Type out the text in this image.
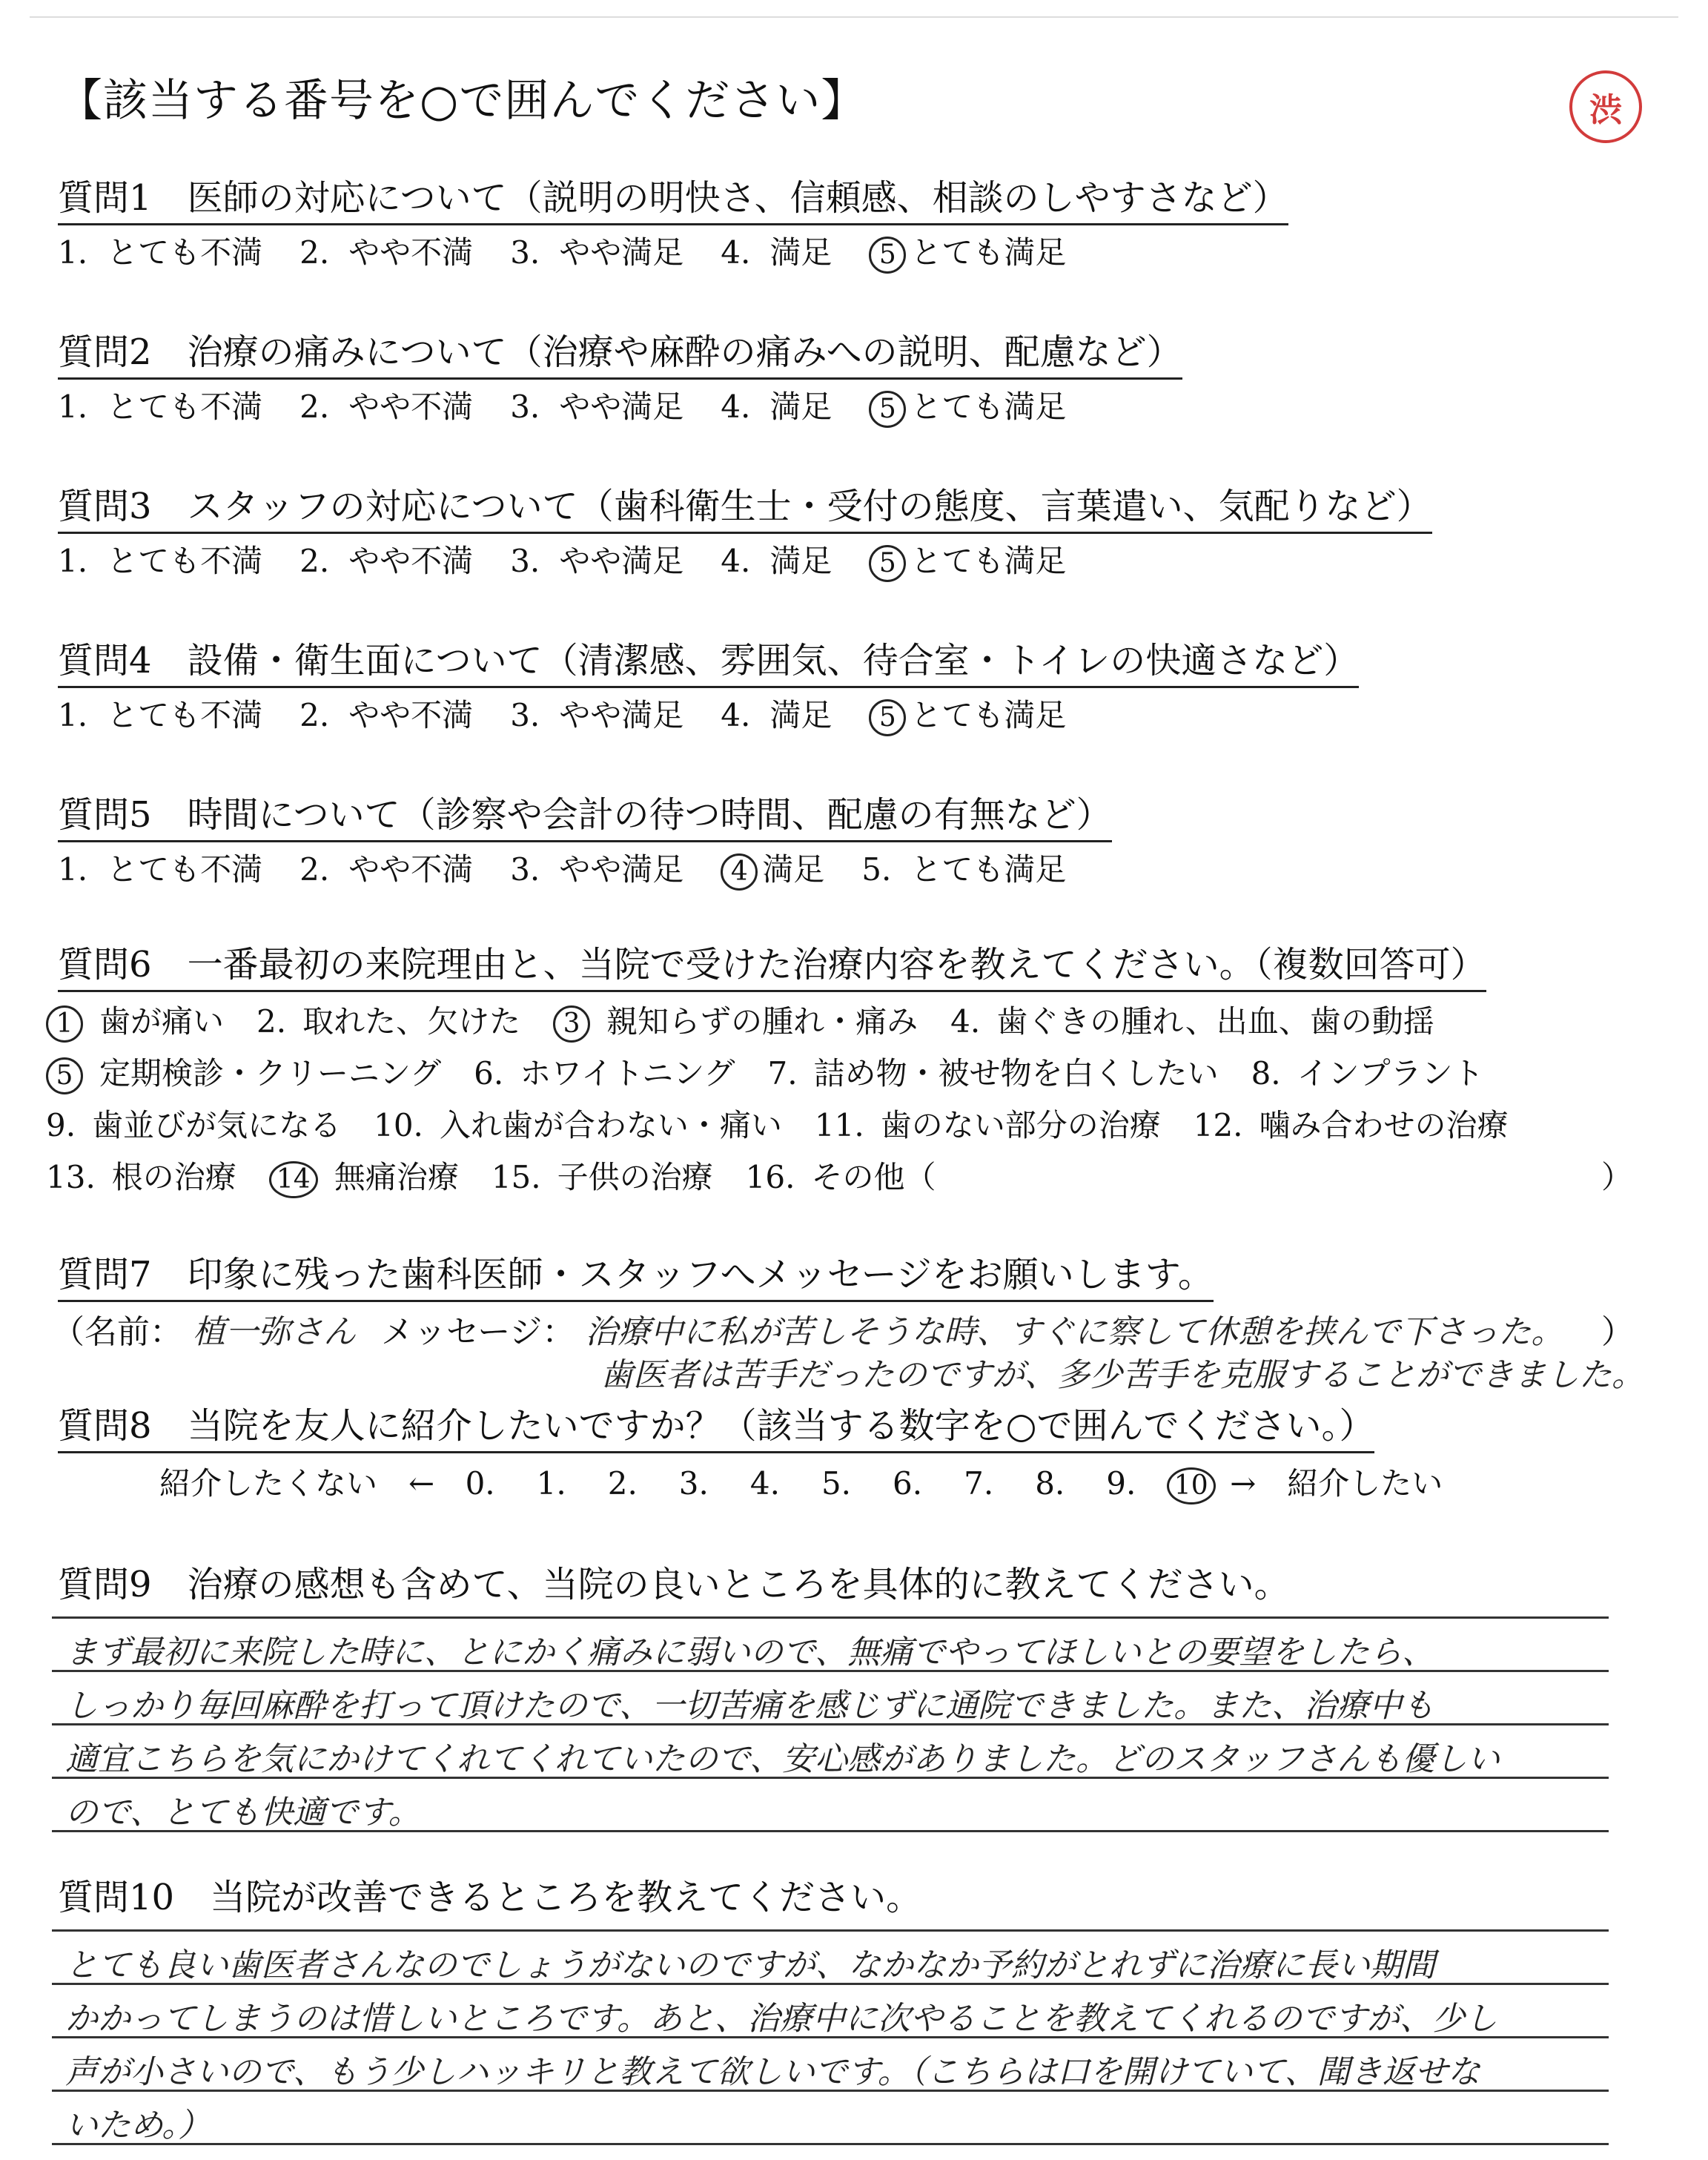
【該当する番号を○で囲んでください】	渋
質問1　 医師の対応について（説明の明快さ、信頼感、相談のしやすさなど）
1. とても不満 2. やや不満 3. やや満足 4. 満足 5 とても満足
質問2　 治療の痛みについて（治療や麻酔の痛みへの説明、配慮など）
1. とても不満 2. やや不満 3. やや満足 4. 満足 5 とても満足
質問3　 スタッフの対応について（歯科衛生士・受付の態度、言葉遣い、気配りなど）
1. とても不満 2. やや不満 3. やや満足 4. 満足 5 とても満足
質問4　 設備・衛生面について（清潔感、雰囲気、待合室・トイレの快適さなど）
1. とても不満 2. やや不満 3. やや満足 4. 満足 5 とても満足
質問5　 時間について（診察や会計の待つ時間、配慮の有無など）
1. とても不満 2. やや不満 3. やや満足 4 満足 5. とても満足
質問6　 一番最初の来院理由と、当院で受けた治療内容を教えてください。（複数回答可）
1 歯が痛い 2. 取れた、欠けた 3 親知らずの腫れ・痛み 4. 歯ぐきの腫れ、出血、歯の動揺
5 定期検診・クリーニング 6. ホワイトニング 7. 詰め物・被せ物を白くしたい 8. インプラント
9. 歯並びが気になる 10. 入れ歯が合わない・痛い 11. 歯のない部分の治療 12. 噛み合わせの治療
13. 根の治療 14 無痛治療 15. 子供の治療 16. その他（	）
質問7　 印象に残った歯科医師・スタッフへメッセージをお願いします。
（名前： 植一弥さん メッセージ： 治療中に私が苦しそうな時、すぐに察して休憩を挟んで下さった。 ）
歯医者は苦手だったのですが、多少苦手を克服することができました。
質問8　 当院を友人に紹介したいですか？（該当する数字を○で囲んでください。）
紹介したくない　← 0. 1. 2. 3. 4. 5. 6. 7. 8. 9. 10 →　紹介したい
質問9　 治療の感想も含めて、当院の良いところを具体的に教えてください。
まず最初に来院した時に、とにかく痛みに弱いので、無痛でやってほしいとの要望をしたら、
しっかり毎回麻酔を打って頂けたので、一切苦痛を感じずに通院できました。また、治療中も
適宜こちらを気にかけてくれてくれていたので、安心感がありました。どのスタッフさんも優しい
ので、とても快適です。
質問10　 当院が改善できるところを教えてください。
とても良い歯医者さんなのでしょうがないのですが、なかなか予約がとれずに治療に長い期間
かかってしまうのは惜しいところです。あと、治療中に次やることを教えてくれるのですが、少し
声が小さいので、もう少しハッキリと教えて欲しいです。（こちらは口を開けていて、聞き返せな
いため。）
